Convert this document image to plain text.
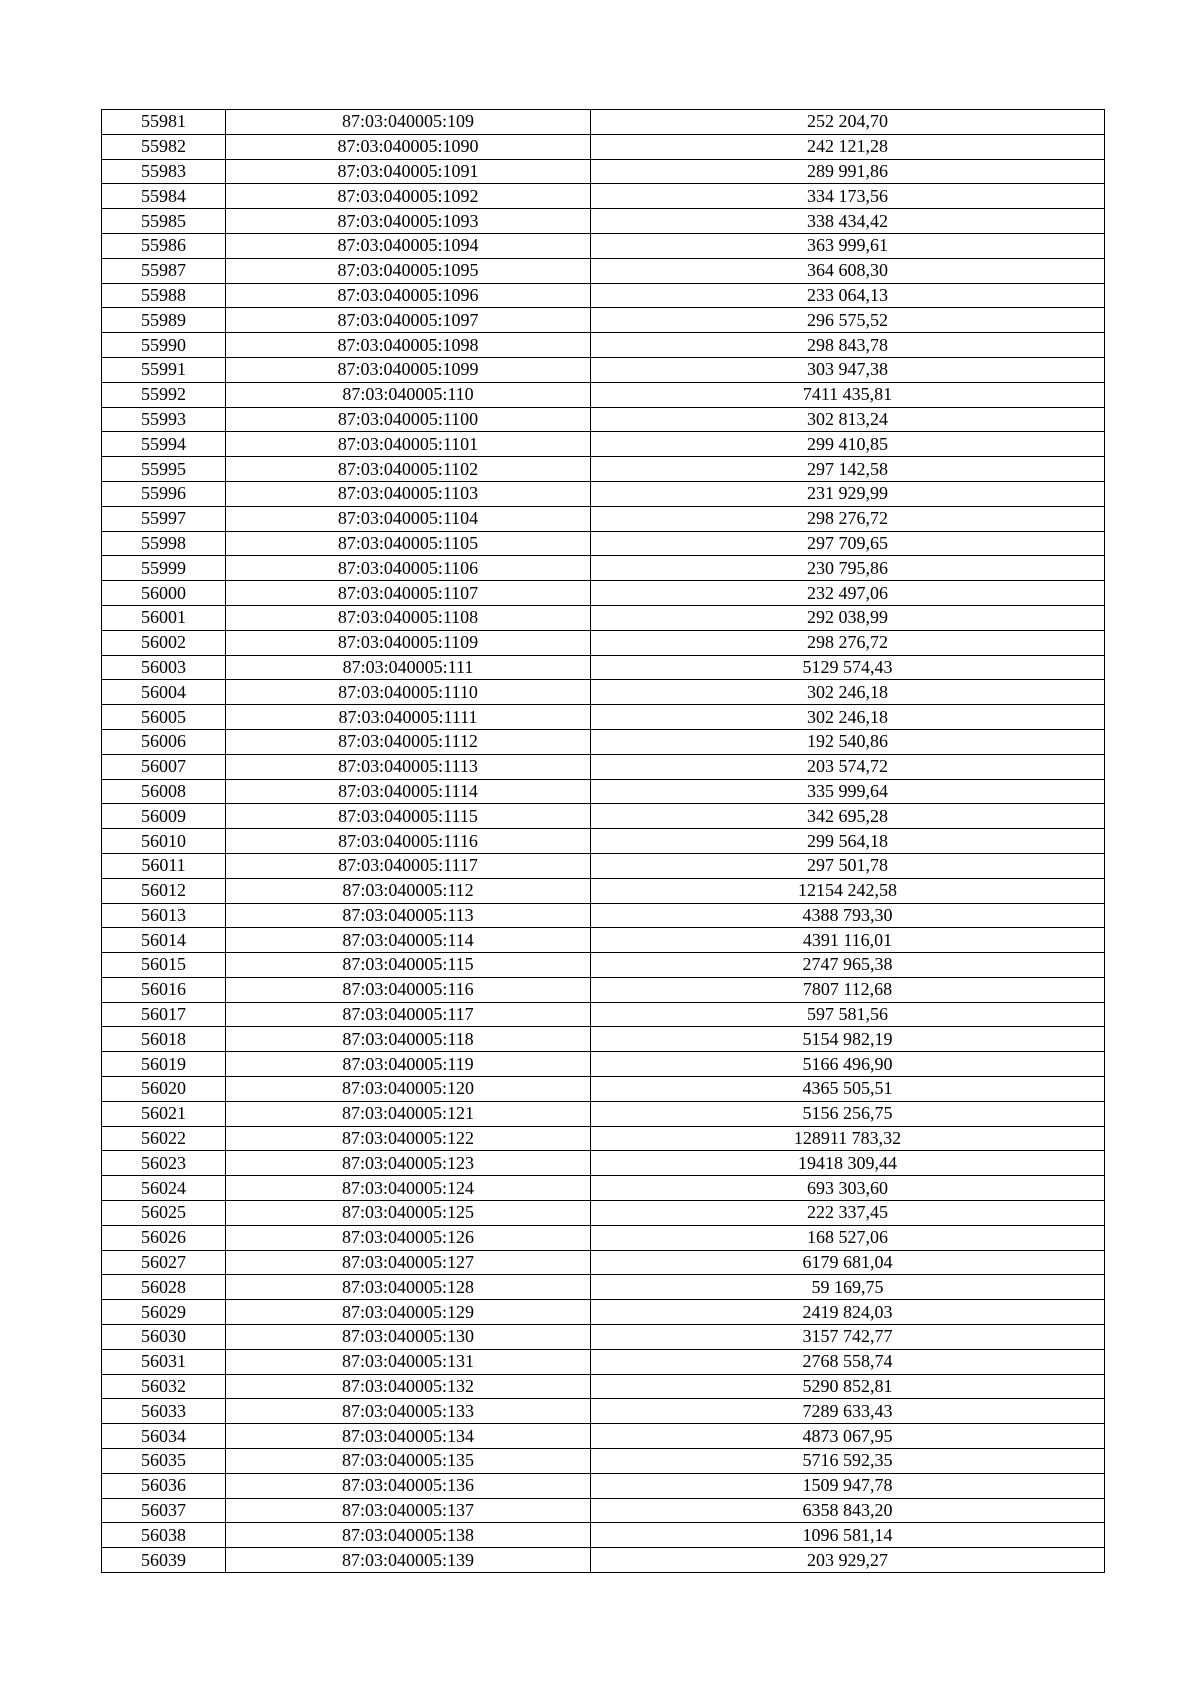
55981	87:03:040005:109	252 204,70
55982	87:03:040005:1090	242 121,28
55983	87:03:040005:1091	289 991,86
55984	87:03:040005:1092	334 173,56
55985	87:03:040005:1093	338 434,42
55986	87:03:040005:1094	363 999,61
55987	87:03:040005:1095	364 608,30
55988	87:03:040005:1096	233 064,13
55989	87:03:040005:1097	296 575,52
55990	87:03:040005:1098	298 843,78
55991	87:03:040005:1099	303 947,38
55992	87:03:040005:110	7411 435,81
55993	87:03:040005:1100	302 813,24
55994	87:03:040005:1101	299 410,85
55995	87:03:040005:1102	297 142,58
55996	87:03:040005:1103	231 929,99
55997	87:03:040005:1104	298 276,72
55998	87:03:040005:1105	297 709,65
55999	87:03:040005:1106	230 795,86
56000	87:03:040005:1107	232 497,06
56001	87:03:040005:1108	292 038,99
56002	87:03:040005:1109	298 276,72
56003	87:03:040005:111	5129 574,43
56004	87:03:040005:1110	302 246,18
56005	87:03:040005:1111	302 246,18
56006	87:03:040005:1112	192 540,86
56007	87:03:040005:1113	203 574,72
56008	87:03:040005:1114	335 999,64
56009	87:03:040005:1115	342 695,28
56010	87:03:040005:1116	299 564,18
56011	87:03:040005:1117	297 501,78
56012	87:03:040005:112	12154 242,58
56013	87:03:040005:113	4388 793,30
56014	87:03:040005:114	4391 116,01
56015	87:03:040005:115	2747 965,38
56016	87:03:040005:116	7807 112,68
56017	87:03:040005:117	597 581,56
56018	87:03:040005:118	5154 982,19
56019	87:03:040005:119	5166 496,90
56020	87:03:040005:120	4365 505,51
56021	87:03:040005:121	5156 256,75
56022	87:03:040005:122	128911 783,32
56023	87:03:040005:123	19418 309,44
56024	87:03:040005:124	693 303,60
56025	87:03:040005:125	222 337,45
56026	87:03:040005:126	168 527,06
56027	87:03:040005:127	6179 681,04
56028	87:03:040005:128	59 169,75
56029	87:03:040005:129	2419 824,03
56030	87:03:040005:130	3157 742,77
56031	87:03:040005:131	2768 558,74
56032	87:03:040005:132	5290 852,81
56033	87:03:040005:133	7289 633,43
56034	87:03:040005:134	4873 067,95
56035	87:03:040005:135	5716 592,35
56036	87:03:040005:136	1509 947,78
56037	87:03:040005:137	6358 843,20
56038	87:03:040005:138	1096 581,14
56039	87:03:040005:139	203 929,27
